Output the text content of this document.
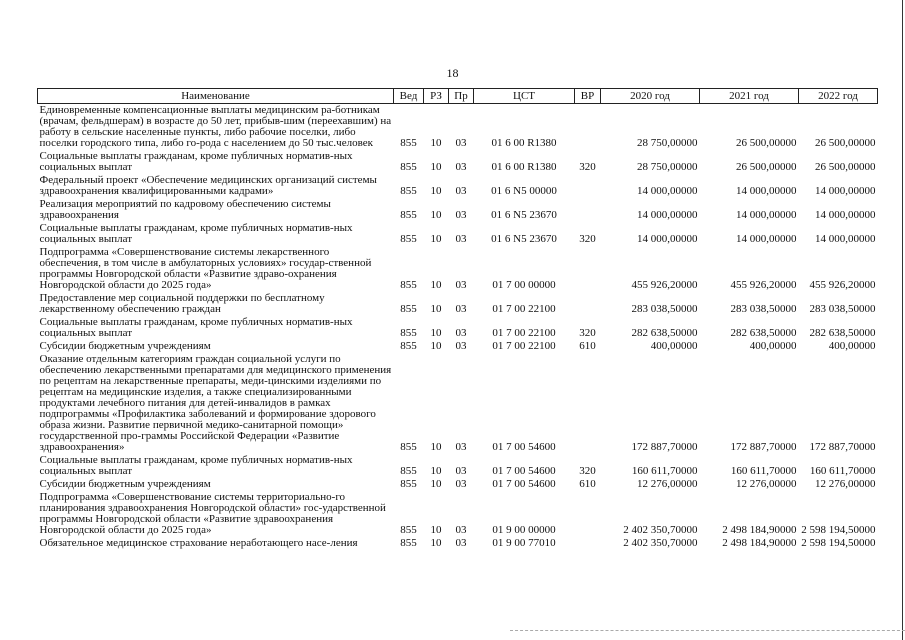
18
Наименование	Вед	РЗ	Пр	ЦСТ	ВР	2020 год	2021 год	2022 год
Единовременные компенсационные выплаты медицинским ра-ботникам (врачам, фельдшерам) в возрасте до 50 лет, прибыв-шим (переехавшим) на работу в сельские населенные пункты, либо рабочие поселки, либо поселки городского типа, либо го-рода с населением до 50 тыс.человек	855	10	03	01 6 00 R1380		28 750,00000	26 500,00000	26 500,00000
Социальные выплаты гражданам, кроме публичных норматив-ных социальных выплат	855	10	03	01 6 00 R1380	320	28 750,00000	26 500,00000	26 500,00000
Федеральный проект «Обеспечение медицинских организаций системы здравоохранения квалифицированными кадрами»	855	10	03	01 6 N5 00000		14 000,00000	14 000,00000	14 000,00000
Реализация мероприятий по кадровому обеспечению системы здравоохранения	855	10	03	01 6 N5 23670		14 000,00000	14 000,00000	14 000,00000
Социальные выплаты гражданам, кроме публичных норматив-ных социальных выплат	855	10	03	01 6 N5 23670	320	14 000,00000	14 000,00000	14 000,00000
Подпрограмма «Совершенствование системы лекарственного обеспечения, в том числе в амбулаторных условиях» государ-ственной программы Новгородской области «Развитие здраво-охранения Новгородской области до 2025 года»	855	10	03	01 7 00 00000		455 926,20000	455 926,20000	455 926,20000
Предоставление мер социальной поддержки по бесплатному лекарственному обеспечению граждан	855	10	03	01 7 00 22100		283 038,50000	283 038,50000	283 038,50000
Социальные выплаты гражданам, кроме публичных норматив-ных социальных выплат	855	10	03	01 7 00 22100	320	282 638,50000	282 638,50000	282 638,50000
Субсидии бюджетным учреждениям	855	10	03	01 7 00 22100	610	400,00000	400,00000	400,00000
Оказание отдельным категориям граждан социальной услуги по обеспечению лекарственными препаратами для медицинского применения по рецептам на лекарственные препараты, меди-цинскими изделиями по рецептам на медицинские изделия, а также специализированными продуктами лечебного питания для детей-инвалидов в рамках подпрограммы «Профилактика заболеваний и формирование здорового образа жизни. Развитие первичной медико-санитарной помощи» государственной про-граммы Российской Федерации «Развитие здравоохранения»	855	10	03	01 7 00 54600		172 887,70000	172 887,70000	172 887,70000
Социальные выплаты гражданам, кроме публичных норматив-ных социальных выплат	855	10	03	01 7 00 54600	320	160 611,70000	160 611,70000	160 611,70000
Субсидии бюджетным учреждениям	855	10	03	01 7 00 54600	610	12 276,00000	12 276,00000	12 276,00000
Подпрограмма «Совершенствование системы территориально-го планирования здравоохранения Новгородской области» гос-ударственной программы Новгородской области «Развитие здравоохранения Новгородской области до 2025 года»	855	10	03	01 9 00 00000		2 402 350,70000	2 498 184,90000	2 598 194,50000
Обязательное медицинское страхование неработающего насе-ления	855	10	03	01 9 00 77010		2 402 350,70000	2 498 184,90000	2 598 194,50000
